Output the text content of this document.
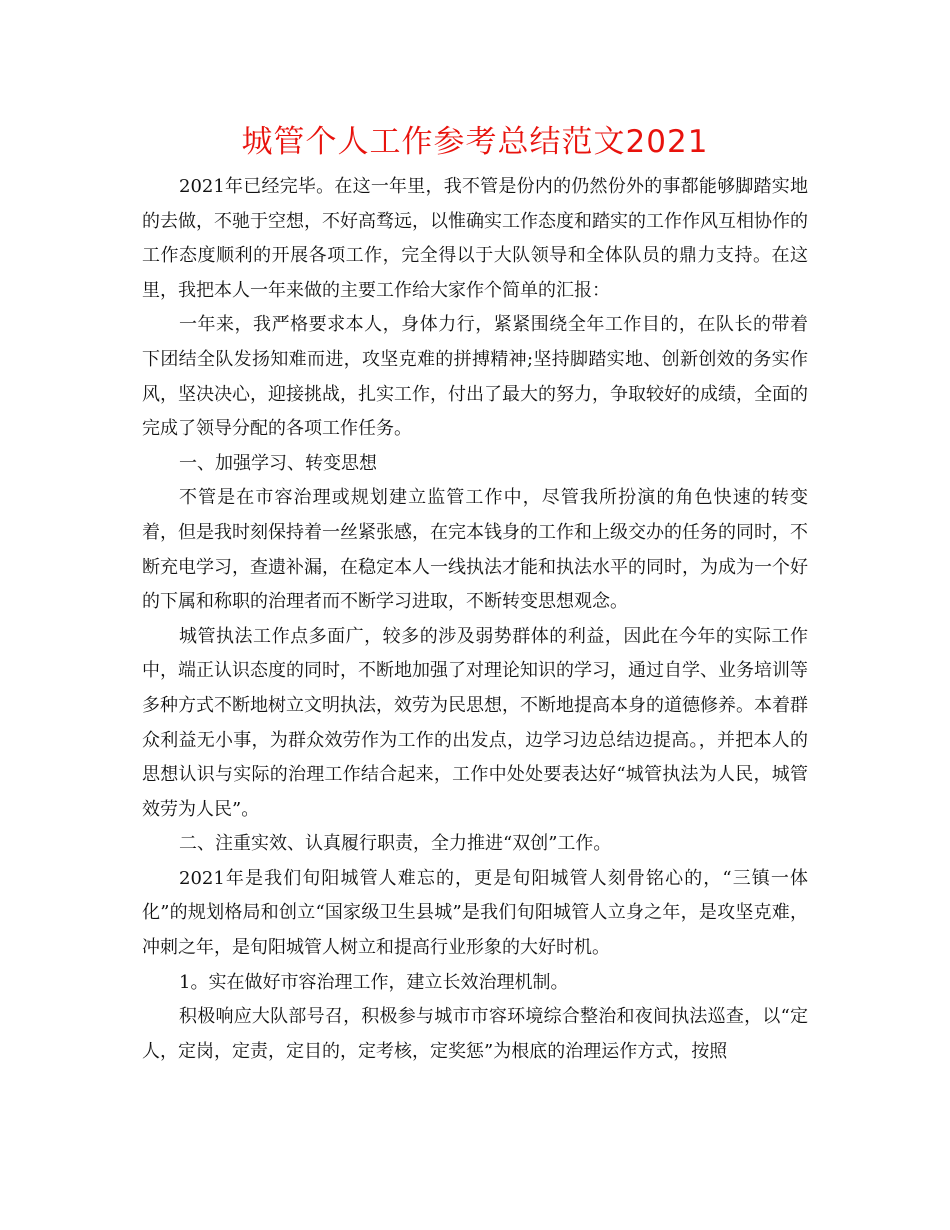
城管个人工作参考总结范文2021

2021年已经完毕。在这一年里，我不管是份内的仍然份外的事都能够脚踏实地的去做，不驰于空想，不好高骛远，以惟确实工作态度和踏实的工作作风互相协作的工作态度顺利的开展各项工作，完全得以于大队领导和全体队员的鼎力支持。在这里，我把本人一年来做的主要工作给大家作个简单的汇报：

一年来，我严格要求本人，身体力行，紧紧围绕全年工作目的，在队长的带着下团结全队发扬知难而进，攻坚克难的拼搏精神;坚持脚踏实地、创新创效的务实作风，坚决决心，迎接挑战，扎实工作，付出了最大的努力，争取较好的成绩，全面的完成了领导分配的各项工作任务。

一、加强学习、转变思想

不管是在市容治理或规划建立监管工作中，尽管我所扮演的角色快速的转变着，但是我时刻保持着一丝紧张感，在完本钱身的工作和上级交办的任务的同时，不断充电学习，查遗补漏，在稳定本人一线执法才能和执法水平的同时，为成为一个好的下属和称职的治理者而不断学习进取，不断转变思想观念。

城管执法工作点多面广，较多的涉及弱势群体的利益，因此在今年的实际工作中，端正认识态度的同时，不断地加强了对理论知识的学习，通过自学、业务培训等多种方式不断地树立文明执法，效劳为民思想，不断地提高本身的道德修养。本着群众利益无小事，为群众效劳作为工作的出发点，边学习边总结边提高。，并把本人的思想认识与实际的治理工作结合起来，工作中处处要表达好“城管执法为人民，城管效劳为人民”。

二、注重实效、认真履行职责，全力推进“双创”工作。

2021年是我们旬阳城管人难忘的，更是旬阳城管人刻骨铭心的，“三镇一体化”的规划格局和创立“国家级卫生县城”是我们旬阳城管人立身之年，是攻坚克难，冲刺之年，是旬阳城管人树立和提高行业形象的大好时机。

1。实在做好市容治理工作，建立长效治理机制。

积极响应大队部号召，积极参与城市市容环境综合整治和夜间执法巡查，以“定人，定岗，定责，定目的，定考核，定奖惩”为根底的治理运作方式，按照
